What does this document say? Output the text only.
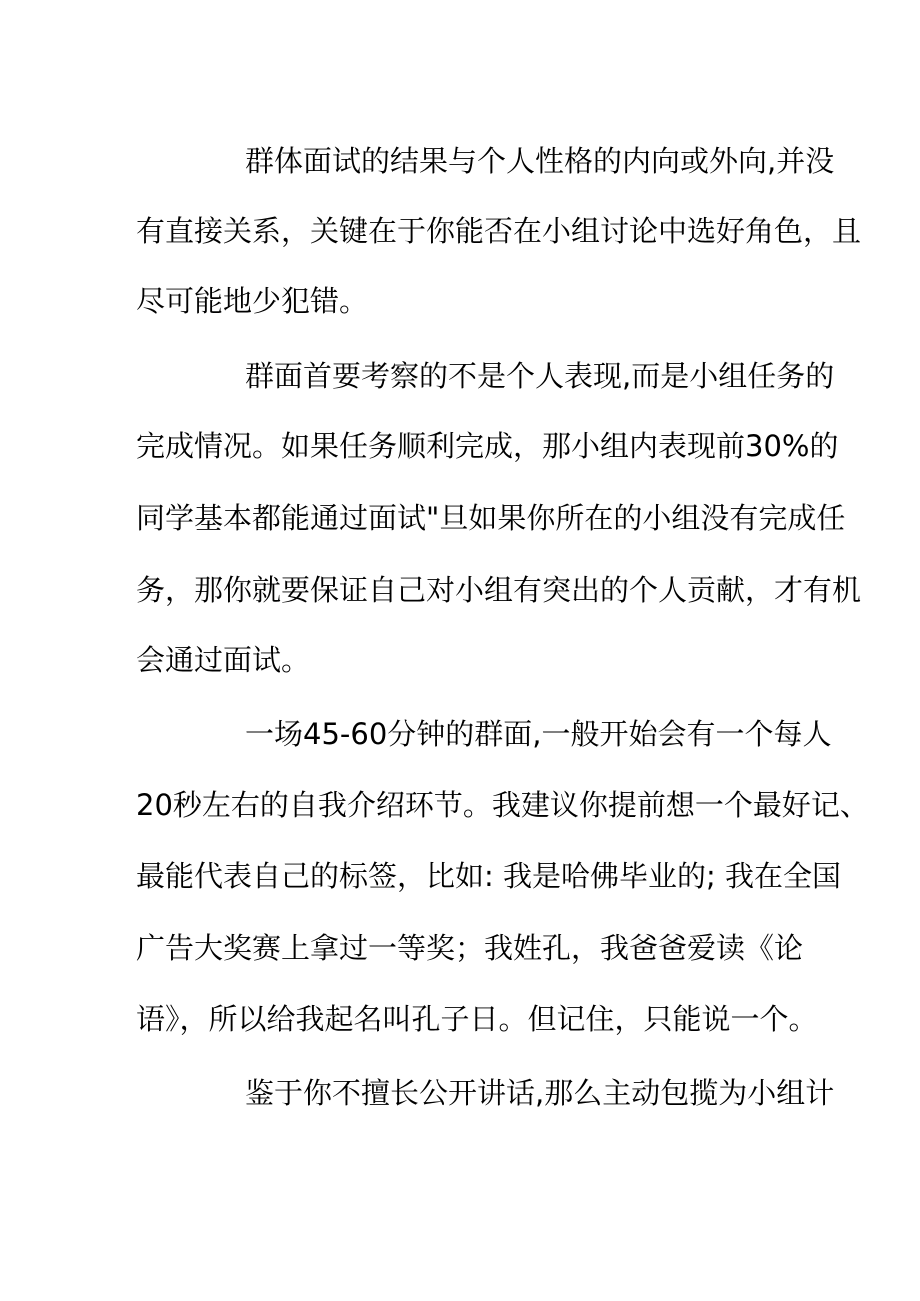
群体面试的结果与个人性格的内向或外向,并没
有直接关系，关键在于你能否在小组讨论中选好角色，且
尽可能地少犯错。
群面首要考察的不是个人表现,而是小组任务的
完成情况。如果任务顺利完成，那小组内表现前30%的
同学基本都能通过面试"旦如果你所在的小组没有完成任
务，那你就要保证自己对小组有突出的个人贡献，才有机
会通过面试。
一场45-60分钟的群面,一般开始会有一个每人
20秒左右的自我介绍环节。我建议你提前想一个最好记、
最能代表自己的标签，比如: 我是哈佛毕业的; 我在全国
广告大奖赛上拿过一等奖；我姓孔，我爸爸爱读《论
语》，所以给我起名叫孔子日。但记住，只能说一个。
鉴于你不擅长公开讲话,那么主动包揽为小组计
